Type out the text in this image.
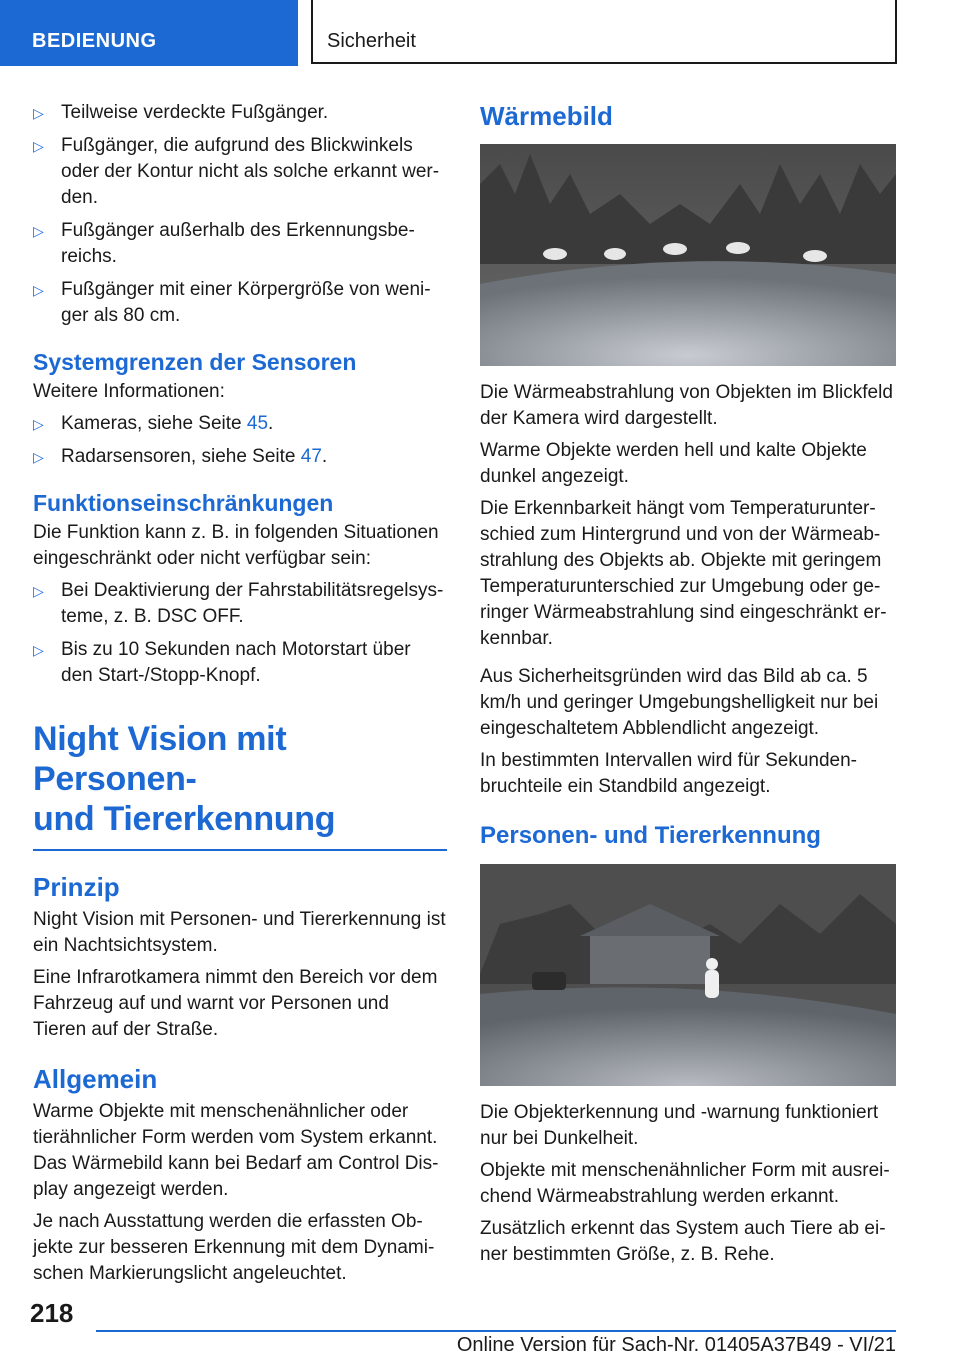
BEDIENUNG	Sicherheit
▷ Teilweise verdeckte Fußgänger.
▷ Fußgänger, die aufgrund des Blickwinkels oder der Kontur nicht als solche erkannt wer-den.
▷ Fußgänger außerhalb des Erkennungsbe-reichs.
▷ Fußgänger mit einer Körpergröße von weni-ger als 80 cm.
Systemgrenzen der Sensoren

Weitere Informationen:

▷ Kameras, siehe Seite 45.
▷ Radarsensoren, siehe Seite 47.
Funktionseinschränkungen

Die Funktion kann z. B. in folgenden Situationen eingeschränkt oder nicht verfügbar sein:

▷ Bei Deaktivierung der Fahrstabilitätsregelsys-teme, z. B. DSC OFF.
▷ Bis zu 10 Sekunden nach Motorstart über den Start-/Stopp-Knopf.
Night Vision mit Personen-
und Tiererkennung
Prinzip

Night Vision mit Personen- und Tiererkennung ist ein Nachtsichtsystem.

Eine Infrarotkamera nimmt den Bereich vor dem Fahrzeug auf und warnt vor Personen und Tieren auf der Straße.

Allgemein

Warme Objekte mit menschenähnlicher oder tierähnlicher Form werden vom System erkannt. Das Wärmebild kann bei Bedarf am Control Dis-play angezeigt werden.

Je nach Ausstattung werden die erfassten Ob-jekte zur besseren Erkennung mit dem Dynami-schen Markierungslicht angeleuchtet.

Wärmebild

Die Wärmeabstrahlung von Objekten im Blickfeld der Kamera wird dargestellt.

Warme Objekte werden hell und kalte Objekte dunkel angezeigt.

Die Erkennbarkeit hängt vom Temperaturunter-schied zum Hintergrund und von der Wärmeab-strahlung des Objekts ab. Objekte mit geringem Temperaturunterschied zur Umgebung oder ge-ringer Wärmeabstrahlung sind eingeschränkt er-kennbar.

Aus Sicherheitsgründen wird das Bild ab ca. 5 km/h und geringer Umgebungshelligkeit nur bei eingeschaltetem Abblendlicht angezeigt.

In bestimmten Intervallen wird für Sekunden-bruchteile ein Standbild angezeigt.

Personen- und Tiererkennung

Die Objekterkennung und -warnung funktioniert nur bei Dunkelheit.

Objekte mit menschenähnlicher Form mit ausrei-chend Wärmeabstrahlung werden erkannt.

Zusätzlich erkennt das System auch Tiere ab ei-ner bestimmten Größe, z. B. Rehe.

218
Online Version für Sach-Nr. 01405A37B49 - VI/21
